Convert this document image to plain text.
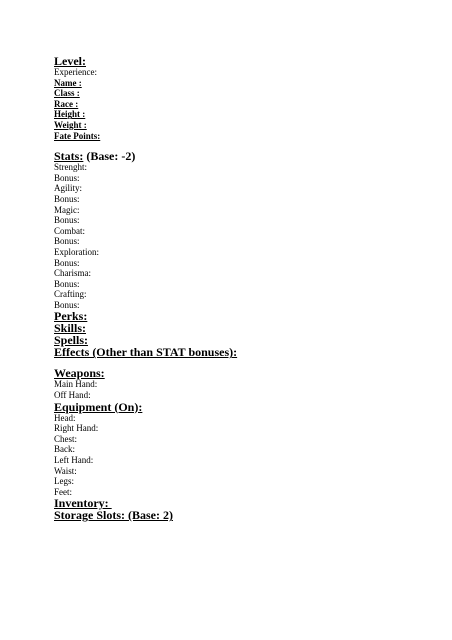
Level:
Experience:
Name :
Class :
Race :
Height :
Weight :
Fate Points:
Stats: (Base: -2)
Strenght:
Bonus:
Agility:
Bonus:
Magic:
Bonus:
Combat:
Bonus:
Exploration:
Bonus:
Charisma:
Bonus:
Crafting:
Bonus:
Perks:
Skills:
Spells:
Effects (Other than STAT bonuses):
Weapons:
Main Hand:
Off Hand:
Equipment (On):
Head:
Right Hand:
Chest:
Back:
Left Hand:
Waist:
Legs:
Feet:
Inventory:
Storage Slots: (Base: 2)
